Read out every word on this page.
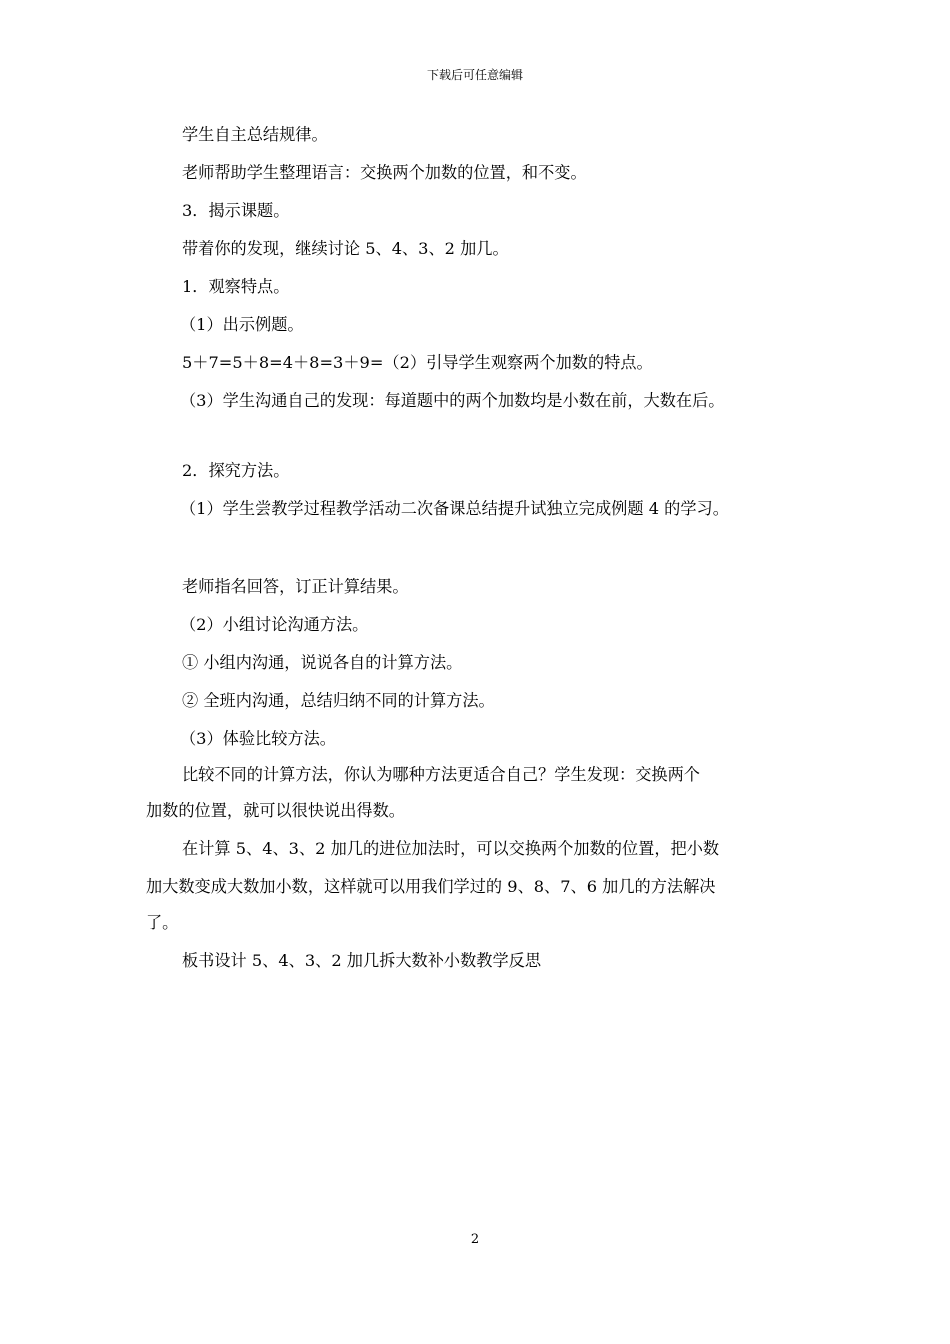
下载后可任意编辑
学生自主总结规律。
老师帮助学生整理语言：交换两个加数的位置，和不变。
3．揭示课题。
带着你的发现，继续讨论 5、4、3、2 加几。
1．观察特点。
（1）出示例题。
5＋7=5＋8=4＋8=3＋9=（2）引导学生观察两个加数的特点。
（3）学生沟通自己的发现：每道题中的两个加数均是小数在前，大数在后。
2．探究方法。
（1）学生尝教学过程教学活动二次备课总结提升试独立完成例题 4 的学习。
老师指名回答，订正计算结果。
（2）小组讨论沟通方法。
① 小组内沟通，说说各自的计算方法。
② 全班内沟通，总结归纳不同的计算方法。
（3）体验比较方法。
比较不同的计算方法，你认为哪种方法更适合自己？学生发现：交换两个
加数的位置，就可以很快说出得数。
在计算 5、4、3、2 加几的进位加法时，可以交换两个加数的位置，把小数
加大数变成大数加小数，这样就可以用我们学过的 9、8、7、6 加几的方法解决
了。
板书设计 5、4、3、2 加几拆大数补小数教学反思
2
